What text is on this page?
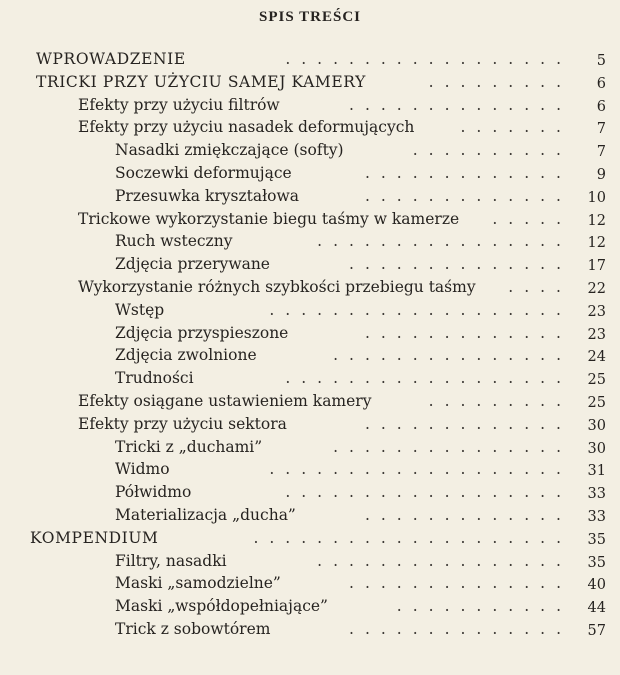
SPIS TREŚCI
..................
WPROWADZENIE	5
.........
TRICKI PRZY UŻYCIU SAMEJ KAMERY	6
..............
Efekty przy użyciu filtrów	6
.......
Efekty przy użyciu nasadek deformujących	7
..........
Nasadki zmiękczające (softy)	7
.............
Soczewki deformujące	9
.............
Przesuwka kryształowa	10
.....
Trickowe wykorzystanie biegu taśmy w kamerze	12
................
Ruch wsteczny	12
..............
Zdjęcia przerywane	17
....
Wykorzystanie różnych szybkości przebiegu taśmy	22
...................
Wstęp	23
.............
Zdjęcia przyspieszone	23
...............
Zdjęcia zwolnione	24
..................
Trudności	25
.........
Efekty osiągane ustawieniem kamery	25
.............
Efekty przy użyciu sektora	30
...............
Tricki z „duchami”	30
...................
Widmo	31
..................
Półwidmo	33
.............
Materializacja „ducha”	33
....................
KOMPENDIUM	35
................
Filtry, nasadki	35
..............
Maski „samodzielne”	40
...........
Maski „współdopełniające”	44
..............
Trick z sobowtórem	57
